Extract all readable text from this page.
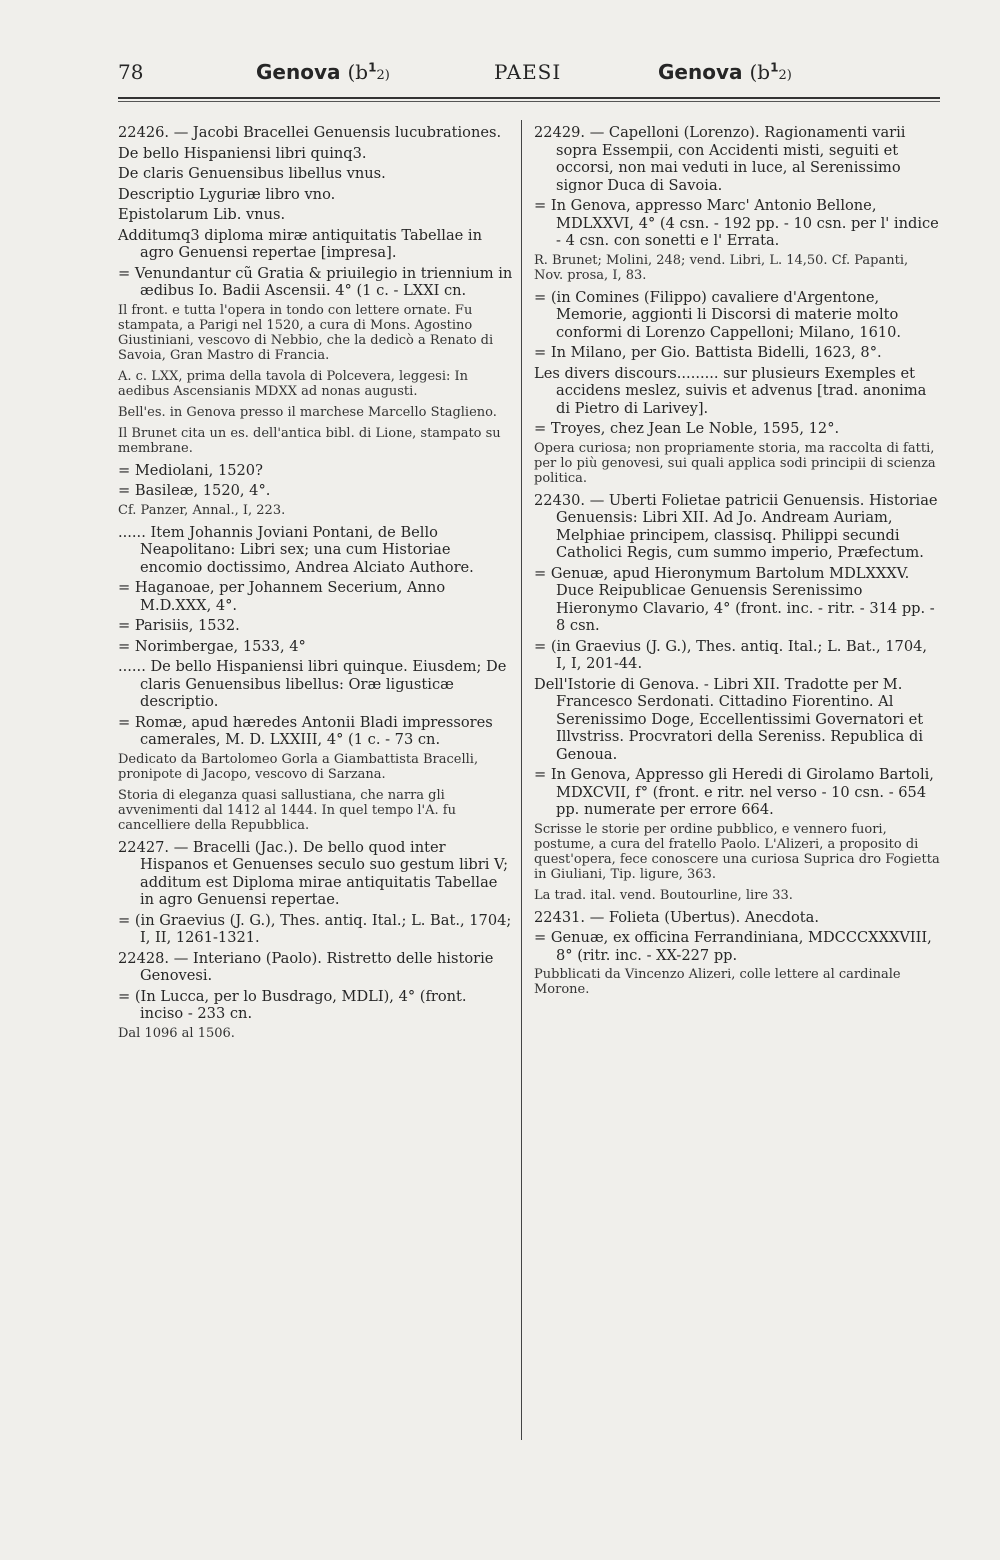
78	Genova $(b^12)$	PAESI	Genova $(b^12)$

22426. — Jacobi Bracellei Genuensis lucubrationes.

De bello Hispaniensi libri quinq3.

De claris Genuensibus libellus vnus.

Descriptio Lyguriæ libro vno.

Epistolarum Lib. vnus.

Additumq3 diploma miræ antiquitatis Tabellae in agro Genuensi repertae [impresa].

= Venundantur cũ Gratia & priuilegio in triennium in ædibus Io. Badii Ascensii. 4° (1 c. - LXXI cn.

Il front. e tutta l'opera in tondo con lettere ornate. Fu stampata, a Parigi nel 1520, a cura di Mons. Agostino Giustiniani, vescovo di Nebbio, che la dedicò a Renato di Savoia, Gran Mastro di Francia.

A. c. LXX, prima della tavola di Polcevera, leggesi: In aedibus Ascensianis MDXX ad nonas augusti.

Bell'es. in Genova presso il marchese Marcello Staglieno.

Il Brunet cita un es. dell'antica bibl. di Lione, stampato su membrane.

= Mediolani, 1520?

= Basileæ, 1520, 4°.

Cf. Panzer, Annal., I, 223.

...... Item Johannis Joviani Pontani, de Bello Neapolitano: Libri sex; una cum Historiae encomio doctissimo, Andrea Alciato Authore.

= Haganoae, per Johannem Secerium, Anno M.D.XXX, 4°.

= Parisiis, 1532.

= Norimbergae, 1533, 4°

...... De bello Hispaniensi libri quinque. Eiusdem; De claris Genuensibus libellus: Oræ ligusticæ descriptio.

= Romæ, apud hæredes Antonii Bladi impressores camerales, M. D. LXXIII, 4° (1 c. - 73 cn.

Dedicato da Bartolomeo Gorla a Giambattista Bracelli, pronipote di Jacopo, vescovo di Sarzana.

Storia di eleganza quasi sallustiana, che narra gli avvenimenti dal 1412 al 1444. In quel tempo l'A. fu cancelliere della Repubblica.

22427. — Bracelli (Jac.). De bello quod inter Hispanos et Genuenses seculo suo gestum libri V; additum est Diploma mirae antiquitatis Tabellae in agro Genuensi repertae.

= (in Graevius (J. G.), Thes. antiq. Ital.; L. Bat., 1704; I, II, 1261-1321.

22428. — Interiano (Paolo). Ristretto delle historie Genovesi.

= (In Lucca, per lo Busdrago, MDLI), 4° (front. inciso - 233 cn.

Dal 1096 al 1506.

22429. — Capelloni (Lorenzo). Ragionamenti varii sopra Essempii, con Accidenti misti, seguiti et occorsi, non mai veduti in luce, al Serenissimo signor Duca di Savoia.

= In Genova, appresso Marc' Antonio Bellone, MDLXXVI, 4° (4 csn. - 192 pp. - 10 csn. per l' indice - 4 csn. con sonetti e l' Errata.

R. Brunet; Molini, 248; vend. Libri, L. 14,50. Cf. Papanti, Nov. prosa, I, 83.

= (in Comines (Filippo) cavaliere d'Argentone, Memorie, aggionti li Discorsi di materie molto conformi di Lorenzo Cappelloni; Milano, 1610.

= In Milano, per Gio. Battista Bidelli, 1623, 8°.

Les divers discours......... sur plusieurs Exemples et accidens meslez, suivis et advenus [trad. anonima di Pietro di Larivey].

= Troyes, chez Jean Le Noble, 1595, 12°.

Opera curiosa; non propriamente storia, ma raccolta di fatti, per lo più genovesi, sui quali applica sodi principii di scienza politica.

22430. — Uberti Folietae patricii Genuensis. Historiae Genuensis: Libri XII. Ad Jo. Andream Auriam, Melphiae principem, classisq. Philippi secundi Catholici Regis, cum summo imperio, Præfectum.

= Genuæ, apud Hieronymum Bartolum MDLXXXV. Duce Reipublicae Genuensis Serenissimo Hieronymo Clavario, 4° (front. inc. - ritr. - 314 pp. - 8 csn.

= (in Graevius (J. G.), Thes. antiq. Ital.; L. Bat., 1704, I, I, 201-44.

Dell'Istorie di Genova. - Libri XII. Tradotte per M. Francesco Serdonati. Cittadino Fiorentino. Al Serenissimo Doge, Eccellentissimi Governatori et Illvstriss. Procvratori della Sereniss. Republica di Genoua.

= In Genova, Appresso gli Heredi di Girolamo Bartoli, MDXCVII, f° (front. e ritr. nel verso - 10 csn. - 654 pp. numerate per errore 664.

Scrisse le storie per ordine pubblico, e vennero fuori, postume, a cura del fratello Paolo. L'Alizeri, a proposito di quest'opera, fece conoscere una curiosa Suprica dro Fogietta in Giuliani, Tip. ligure, 363.

La trad. ital. vend. Boutourline, lire 33.

22431. — Folieta (Ubertus). Anecdota.

= Genuæ, ex officina Ferrandiniana, MDCCCXXXVIII, 8° (ritr. inc. - XX-227 pp.

Pubblicati da Vincenzo Alizeri, colle lettere al cardinale Morone.
